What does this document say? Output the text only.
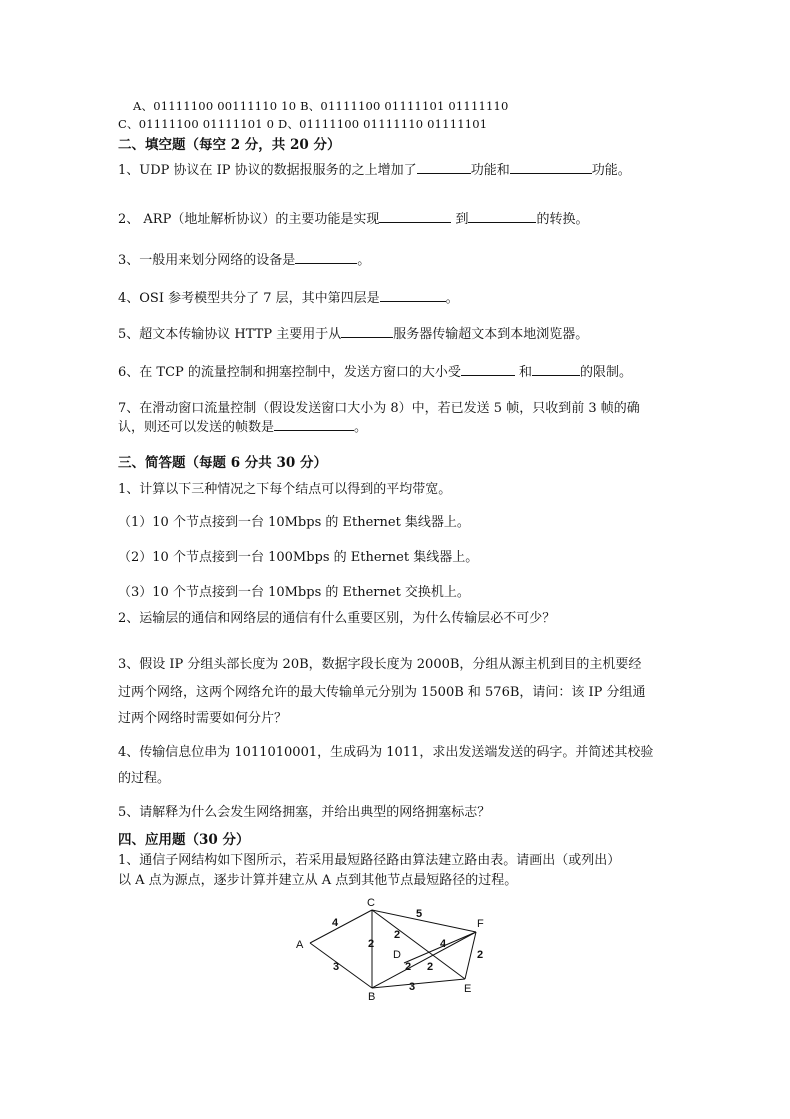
A、01111100 00111110 10 B、01111100 01111101 01111110
C、01111100 01111101 0 D、01111100 01111110 01111101
二、填空题（每空 2 分，共 20 分）
1、UDP 协议在 IP 协议的数据报服务的之上增加了	功能和	功能。
2、 ARP（地址解析协议）的主要功能是实现	到	的转换。
3、一般用来划分网络的设备是	。
4、OSI 参考模型共分了 7 层，其中第四层是	。
5、超文本传输协议 HTTP 主要用于从	服务器传输超文本到本地浏览器。
6、在 TCP 的流量控制和拥塞控制中，发送方窗口的大小受	和	的限制。
7、在滑动窗口流量控制（假设发送窗口大小为 8）中，若已发送 5 帧，只收到前 3 帧的确
认，则还可以发送的帧数是	。
三、简答题（每题 6 分共 30 分）
1、计算以下三种情况之下每个结点可以得到的平均带宽。
（1）10 个节点接到一台 10Mbps 的 Ethernet 集线器上。
（2）10 个节点接到一台 100Mbps 的 Ethernet 集线器上。
（3）10 个节点接到一台 10Mbps 的 Ethernet 交换机上。
2、运输层的通信和网络层的通信有什么重要区别，为什么传输层必不可少？
3、假设 IP 分组头部长度为 20B，数据字段长度为 2000B，分组从源主机到目的主机要经
过两个网络，这两个网络允许的最大传输单元分别为 1500B 和 576B，请问：该 IP 分组通
过两个网络时需要如何分片？
4、传输信息位串为 1011010001，生成码为 1011，求出发送端发送的码字。并简述其校验
的过程。
5、请解释为什么会发生网络拥塞，并给出典型的网络拥塞标志？
四、应用题（30 分）
1、通信子网结构如下图所示，若采用最短路径路由算法建立路由表。请画出（或列出）
以 A 点为源点，逐步计算并建立从 A 点到其他节点最短路径的过程。
A
C
B
D
F
E
4
3
5
2
2
4
2 2
2
3
